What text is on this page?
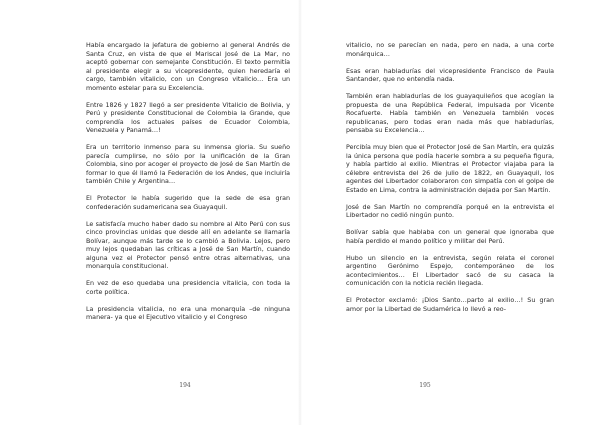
Había encargado la jefatura de gobierno al general Andrés de Santa Cruz, en vista de que el Mariscal José de La Mar, no aceptó gobernar con semejante Constitución. El texto permitía al presidente elegir a su vicepresidente, quien heredaría el cargo, también vitalicio, con un Congreso vitalicio… Era un momento estelar para su Excelencia.

Entre 1826 y 1827 llegó a ser presidente Vitalicio de Bolivia, y Perú y presidente Constitucional de Colombia la Grande, que comprendía los actuales países de Ecuador Colombia, Venezuela y Panamá…!

Era un territorio inmenso para su inmensa gloria. Su sueño parecía cumplirse, no sólo por la unificación de la Gran Colombia, sino por acoger el proyecto de José de San Martín de formar lo que él llamó la Federación de los Andes, que incluiría también Chile y Argentina…

El Protector le había sugerido que la sede de esa gran confederación sudamericana sea Guayaquil.

Le satisfacía mucho haber dado su nombre al Alto Perú con sus cinco provincias unidas que desde allí en adelante se llamaría Bolívar, aunque más tarde se lo cambió a Bolivia. Lejos, pero muy lejos quedaban las críticas a José de San Martín, cuando alguna vez el Protector pensó entre otras alternativas, una monarquía constitucional.

En vez de eso quedaba una presidencia vitalicia, con toda la corte política.

La presidencia vitalicia, no era una monarquía –de ninguna manera- ya que el Ejecutivo vitalicio y el Congreso

194

vitalicio, no se parecían en nada, pero en nada, a una corte monárquica…

Esas eran habladurías del vicepresidente Francisco de Paula Santander, que no entendía nada.

También eran habladurías de los guayaquileños que acogían la propuesta de una República Federal, impulsada por Vicente Rocafuerte. Había también en Venezuela también voces republicanas, pero todas eran nada más que habladurías, pensaba su Excelencia…

Percibía muy bien que el Protector José de San Martín, era quizás la única persona que podía hacerle sombra a su pequeña figura, y había partido al exilio. Mientras el Protector viajaba para la célebre entrevista del 26 de julio de 1822, en Guayaquil, los agentes del Libertador colaboraron con simpatía con el golpe de Estado en Lima, contra la administración dejada por San Martín.

José de San Martín no comprendía porqué en la entrevista el Libertador no cedió ningún punto.

Bolívar sabía que hablaba con un general que ignoraba que había perdido el mando político y militar del Perú.

Hubo un silencio en la entrevista, según relata el coronel argentino Gerónimo Espejo, contemporáneo de los acontecimientos… El Libertador sacó de su casaca la comunicación con la noticia recién llegada.

El Protector exclamó: ¡Dios Santo…parto al exilio…! Su gran amor por la Libertad de Sudamérica lo llevó a reo-

195
